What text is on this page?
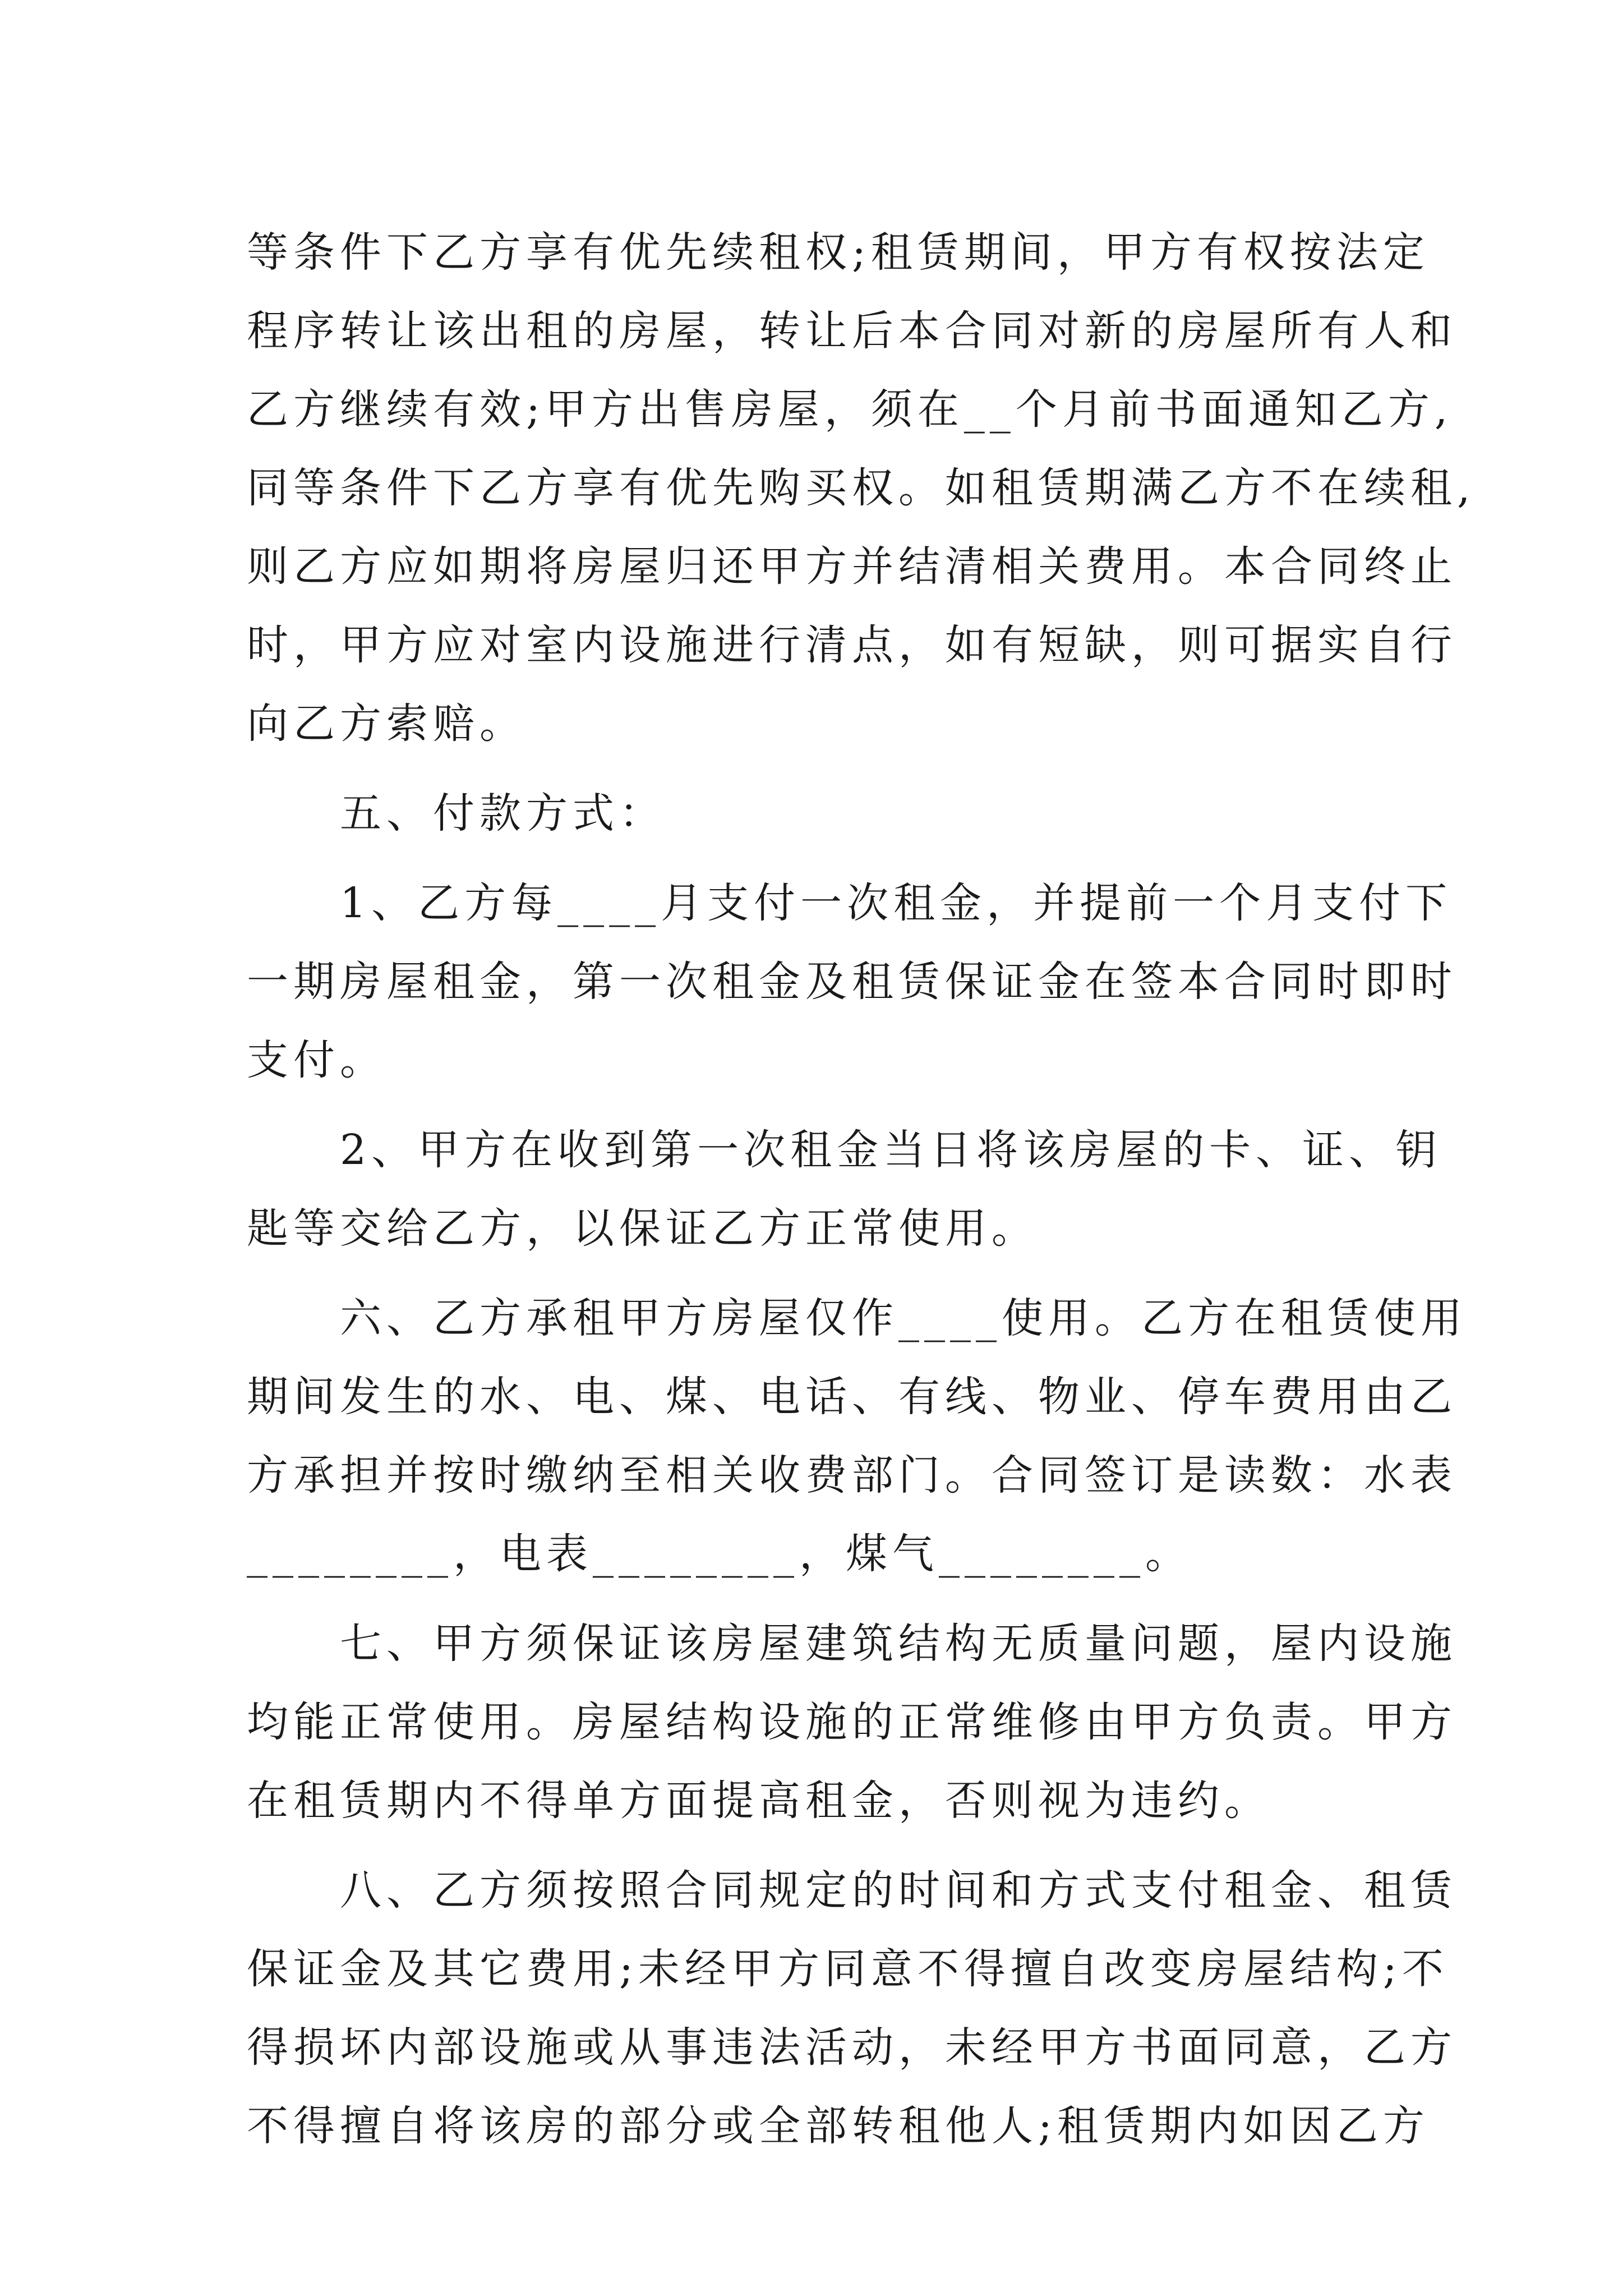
等条件下乙方享有优先续租权;租赁期间，甲方有权按法定
程序转让该出租的房屋，转让后本合同对新的房屋所有人和
乙方继续有效;甲方出售房屋，须在__个月前书面通知乙方,
同等条件下乙方享有优先购买权。如租赁期满乙方不在续租,
则乙方应如期将房屋归还甲方并结清相关费用。本合同终止
时，甲方应对室内设施进行清点，如有短缺，则可据实自行
向乙方索赔。
　　五、付款方式：
　　1、乙方每____月支付一次租金，并提前一个月支付下
一期房屋租金，第一次租金及租赁保证金在签本合同时即时
支付。
　　2、甲方在收到第一次租金当日将该房屋的卡、证、钥
匙等交给乙方，以保证乙方正常使用。
　　六、乙方承租甲方房屋仅作____使用。乙方在租赁使用
期间发生的水、电、煤、电话、有线、物业、停车费用由乙
方承担并按时缴纳至相关收费部门。合同签订是读数：水表
________，电表________，煤气________。
　　七、甲方须保证该房屋建筑结构无质量问题，屋内设施
均能正常使用。房屋结构设施的正常维修由甲方负责。甲方
在租赁期内不得单方面提高租金，否则视为违约。
　　八、乙方须按照合同规定的时间和方式支付租金、租赁
保证金及其它费用;未经甲方同意不得擅自改变房屋结构;不
得损坏内部设施或从事违法活动，未经甲方书面同意，乙方
不得擅自将该房的部分或全部转租他人;租赁期内如因乙方
